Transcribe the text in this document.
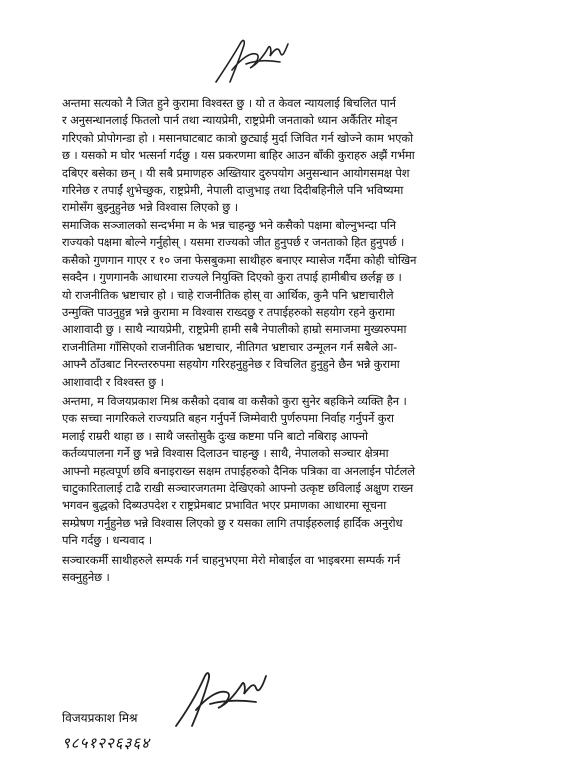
अन्तमा सत्यको नै जित हुने कुरामा विश्वस्त छु । यो त केवल न्यायलाई बिचलित पार्न
र अनुसन्धानलाई फितलो पार्न तथा न्यायप्रेमी, राष्ट्रप्रेमी जनताको ध्यान अर्कैतिर मोड्न
गरिएको प्रोपोगन्डा हो । मसानघाटबाट कात्रो छुट्याई मुर्दा जिवित गर्न खोज्ने काम भएको
छ । यसको म घोर भत्सर्ना गर्दछु । यस प्रकरणमा बाहिर आउन बाँकी कुराहरु अझैं गर्भमा
दबिएर बसेका छन् । यी सबै प्रमाणहरु अख्तियार दुरुपयोग अनुसन्धान आयोगसमक्ष पेश
गरिनेछ र तपाईं शुभेच्छुक, राष्ट्रप्रेमी, नेपाली दाजुभाइ तथा दिदीबहिनीले पनि भविष्यमा
रामोसँग बुझ्नुहुनेछ भन्ने विश्वास लिएको छु ।
समाजिक सञ्जालको सन्दर्भमा म के भन्न चाहन्छु भने कसैको पक्षमा बोल्नुभन्दा पनि
राज्यको पक्षमा बोल्ने गर्नुहोस् । यसमा राज्यको जीत हुनुपर्छ र जनताको हित हुनुपर्छ ।
कसैको गुणगान गाएर र १० जना फेसबुकमा साथीहरु बनाएर म्यासेज गर्दैमा कोही चोखिन
सक्दैन । गुणगानकै आधारमा राज्यले नियुक्ति दिएको कुरा तपाई हामीबीच छर्लङ्ग छ ।
यो राजनीतिक भ्रष्टाचार हो । चाहे राजनीतिक होस् वा आर्थिक, कुनै पनि भ्रष्टाचारीले
उन्मुक्ति पाउनुहुन्न भन्ने कुरामा म विश्वास राख्दछु र तपाईहरुको सहयोग रहने कुरामा
आशावादी छु । साथै न्यायप्रेमी, राष्ट्रप्रेमी हामी सबै नेपालीको हाम्रो समाजमा मुख्यरुपमा
राजनीतिमा गाँसिएको राजनीतिक भ्रष्टाचार, नीतिगत भ्रष्टाचार उन्मूलन गर्न सबैले आ-
आफ्नै ठाँउबाट निरन्तररुपमा सहयोग गरिरहनुहुनेछ र विचलित हुनुहुने छैन भन्ने कुरामा
आशावादी र विश्वस्त छु ।
अन्तमा, म विजयप्रकाश मिश्र कसैको दवाब वा कसैको कुरा सुनेर बहकिने व्यक्ति हैन ।
एक सच्चा नागरिकले राज्यप्रति बहन गर्नुपर्ने जिम्मेवारी पुर्णरुपमा निर्वाह गर्नुपर्ने कुरा
मलाई राम्ररी थाहा छ । साथै जस्तोसुकै दुःख कष्टमा पनि बाटो नबिराइ आफ्नो
कर्तव्यपालना गर्ने छु भन्ने विश्वास दिलाउन चाहन्छु । साथै, नेपालको सञ्चार क्षेत्रमा
आफ्नो महत्वपूर्ण छवि बनाइराख्न सक्षम तपाईहरुको दैनिक पत्रिका वा अनलाईन पोर्टलले
चाटुकारितालाई टाढै राखी सञ्चारजगतमा देखिएको आफ्नो उत्कृष्ट छविलाई अक्षुण राख्न
भगवन बुद्धको दिब्यउपदेश र राष्ट्रप्रेमबाट प्रभावित भएर प्रमाणका आधारमा सूचना
सम्प्रेषण गर्नुहुनेछ भन्ने विश्वास लिएको छु र यसका लागि तपाईहरुलाई हार्दिक अनुरोध
पनि गर्दछु । धन्यवाद ।
सञ्चारकर्मी साथीहरुले सम्पर्क गर्न चाहनुभएमा मेरो मोबाईल वा भाइबरमा सम्पर्क गर्न
सक्नुहुनेछ ।
विजयप्रकाश मिश्र
९८५१२२६३६४
